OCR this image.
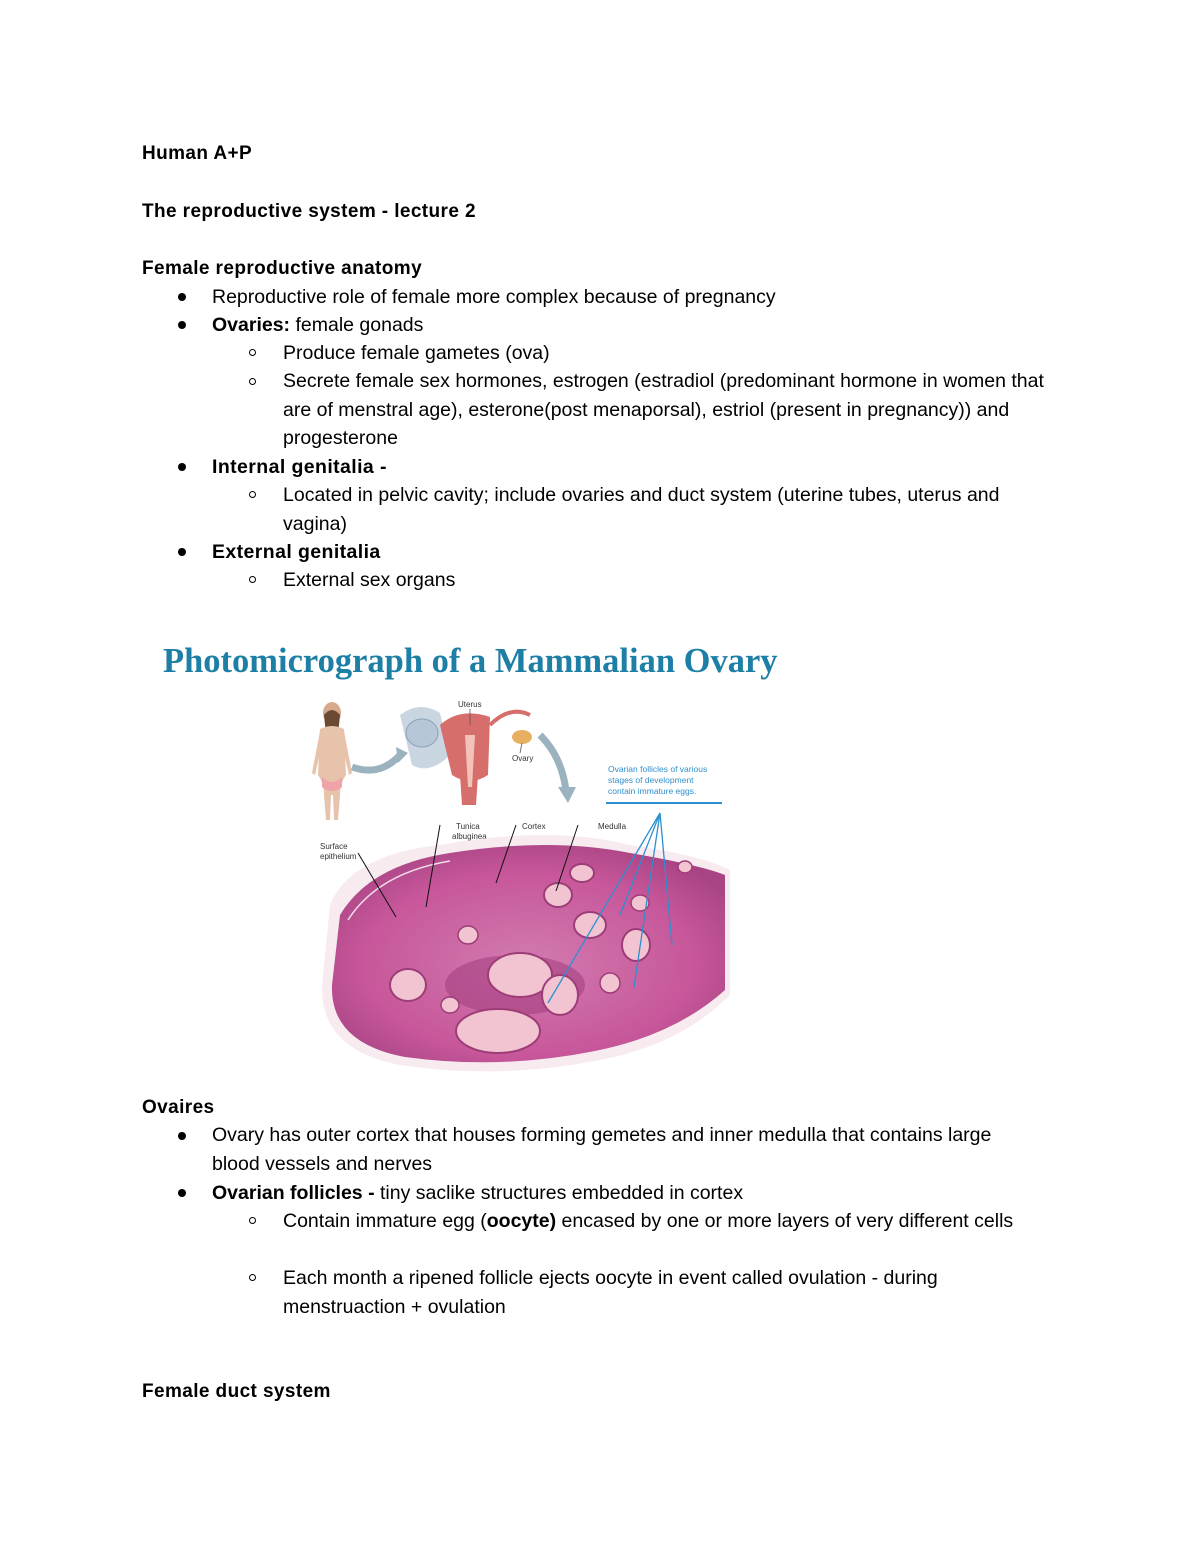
Human A+P
The reproductive system - lecture 2
Female reproductive anatomy
Reproductive role of female more complex because of pregnancy
Ovaries: female gonads
Produce female gametes (ova)
Secrete female sex hormones, estrogen (estradiol (predominant hormone in women that are of menstral age), esterone(post menaporsal), estriol (present in pregnancy)) and progesterone
Internal genitalia -
Located in pelvic cavity; include ovaries and duct system (uterine tubes, uterus and vagina)
External genitalia
External sex organs
Photomicrograph of a Mammalian Ovary
Uterus
Ovary
Ovarian follicles of various
stages of development
contain immature eggs.
Tunica
albuginea
Cortex	Medulla
Surface
epithelium
Ovaires
Ovary has outer cortex that houses forming gemetes and inner medulla that contains large blood vessels and nerves
Ovarian follicles - tiny saclike structures embedded in cortex
Contain immature egg (oocyte) encased by one or more layers of very different cells
Each month a ripened follicle ejects oocyte in event called ovulation - during menstruaction + ovulation
Female duct system
